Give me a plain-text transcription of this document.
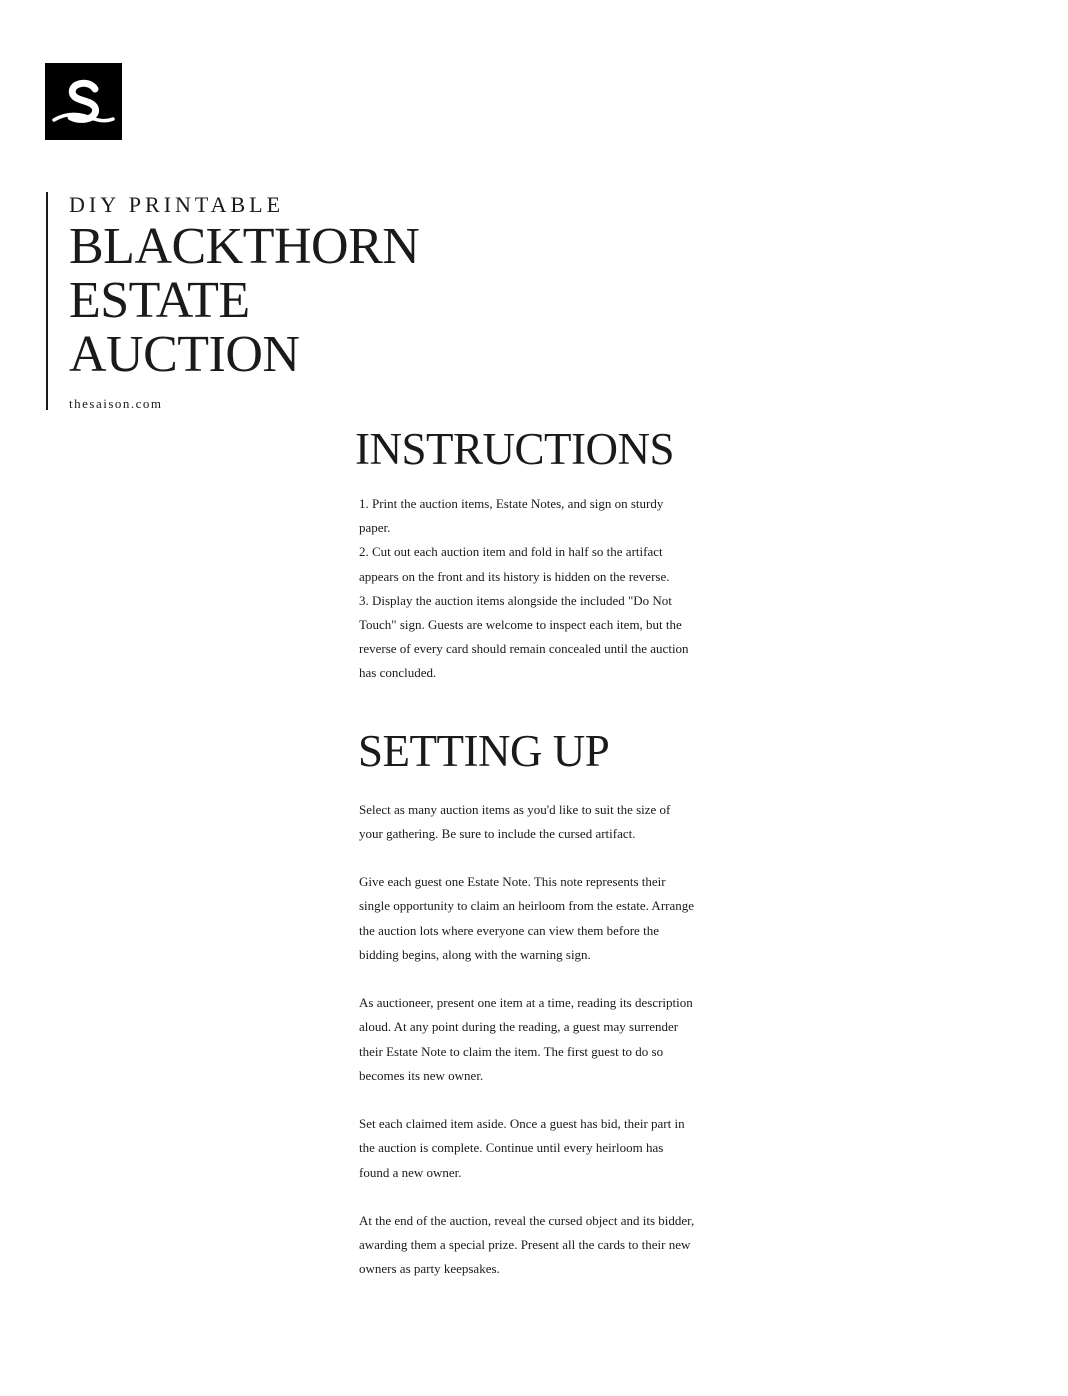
DIY PRINTABLE

BLACKTHORN
ESTATE
AUCTION

thesaison.com

INSTRUCTIONS
1. Print the auction items, Estate Notes, and sign on sturdy paper.
2. Cut out each auction item and fold in half so the artifact appears on the front and its history is hidden on the reverse.
3. Display the auction items alongside the included "Do Not Touch" sign. Guests are welcome to inspect each item, but the reverse of every card should remain concealed until the auction has concluded.
SETTING UP

Select as many auction items as you'd like to suit the size of your gathering. Be sure to include the cursed artifact.

Give each guest one Estate Note. This note represents their single opportunity to claim an heirloom from the estate. Arrange the auction lots where everyone can view them before the bidding begins, along with the warning sign.

As auctioneer, present one item at a time, reading its description aloud. At any point during the reading, a guest may surrender their Estate Note to claim the item. The first guest to do so becomes its new owner.

Set each claimed item aside. Once a guest has bid, their part in the auction is complete. Continue until every heirloom has found a new owner.

At the end of the auction, reveal the cursed object and its bidder, awarding them a special prize. Present all the cards to their new owners as party keepsakes.
